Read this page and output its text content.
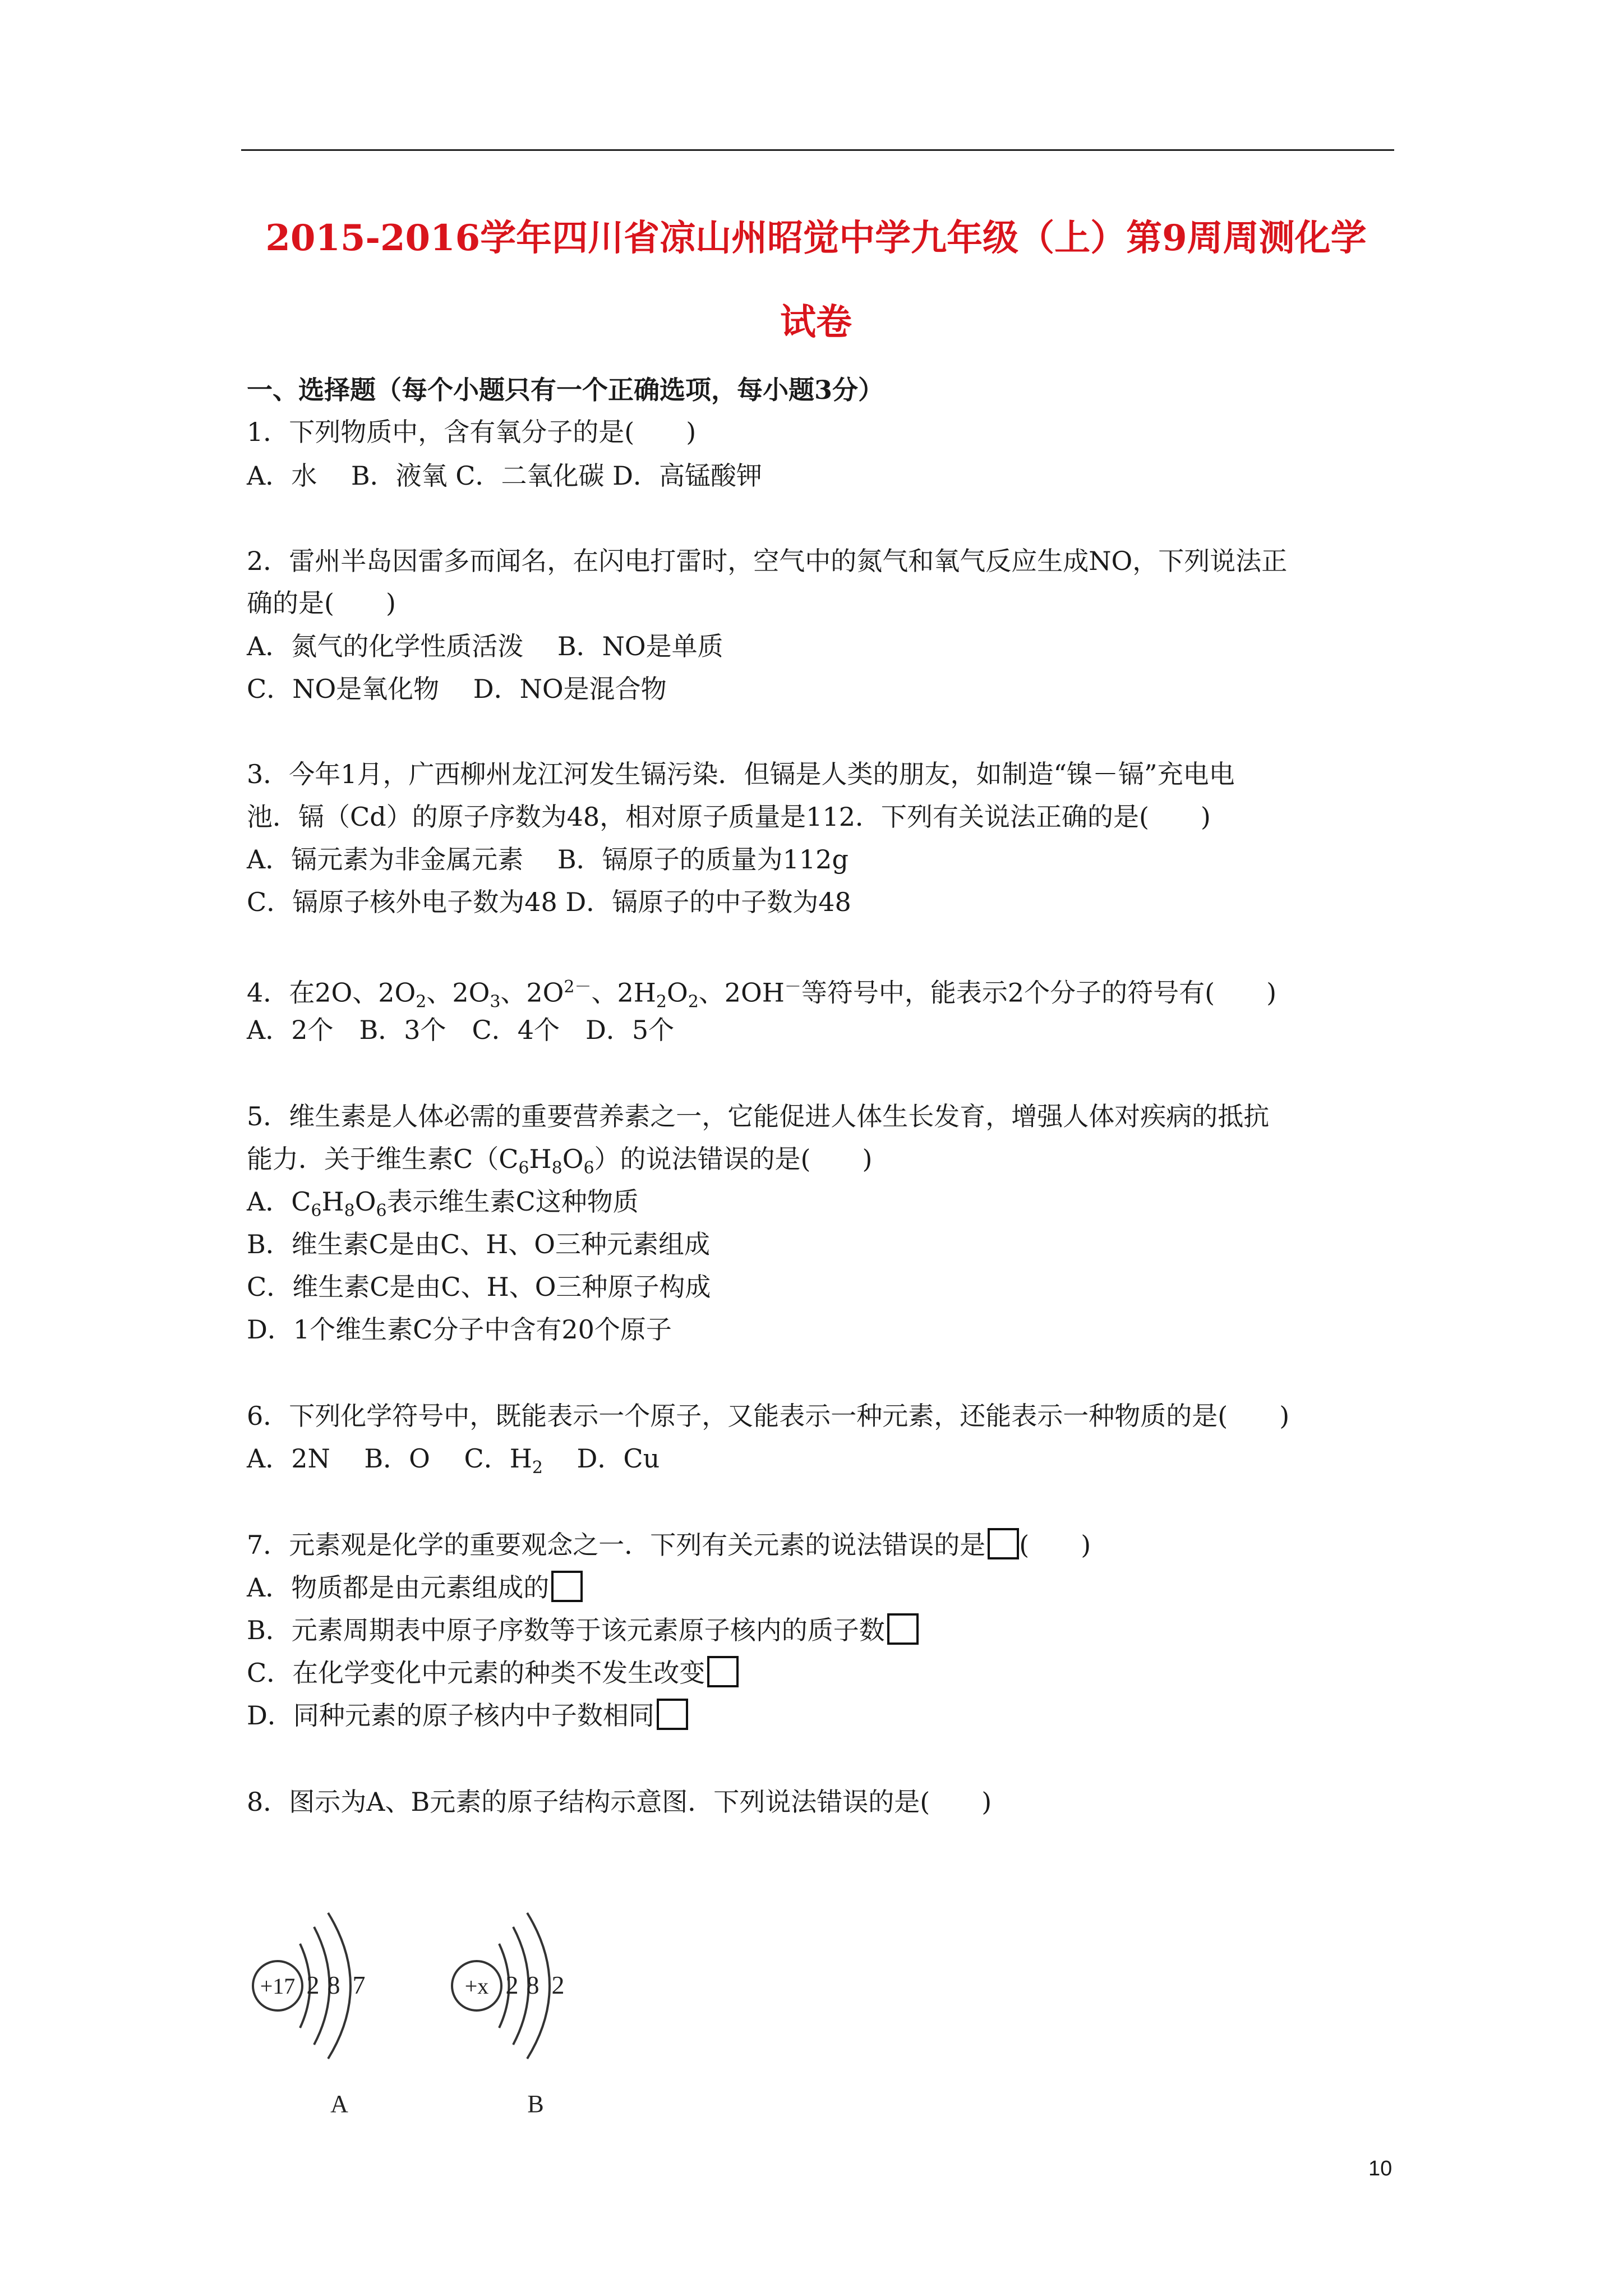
2015-2016学年四川省凉山州昭觉中学九年级（上）第9周周测化学
试卷
一、选择题（每个小题只有一个正确选项，每小题3分）
1．下列物质中，含有氧分子的是(　　)
A．水　 B．液氧 C．二氧化碳 D．高锰酸钾
2．雷州半岛因雷多而闻名，在闪电打雷时，空气中的氮气和氧气反应生成NO，下列说法正
确的是(　　)
A．氮气的化学性质活泼　 B．NO是单质
C．NO是氧化物　 D．NO是混合物
3．今年1月，广西柳州龙江河发生镉污染．但镉是人类的朋友，如制造“镍－镉”充电电
池．镉（Cd）的原子序数为48，相对原子质量是112．下列有关说法正确的是(　　)
A．镉元素为非金属元素　 B．镉原子的质量为112g
C．镉原子核外电子数为48 D．镉原子的中子数为48
4．在2O、$2O_2$、$2O_3$、$2O^{2-}$、$2H_2O_2$、2OH－等符号中，能表示2个分子的符号有(　　)
A．2个　B．3个　C．4个　D．5个
5．维生素是人体必需的重要营养素之一，它能促进人体生长发育，增强人体对疾病的抵抗
能力．关于维生素$C(C_6H_8O_6)$的说法错误的是(　　)
A．$C_6H_8O_6$表示维生素C这种物质
B．维生素C是由C、H、O三种元素组成
C．维生素C是由C、H、O三种原子构成
D．1个维生素C分子中含有20个原子
6．下列化学符号中，既能表示一个原子，又能表示一种元素，还能表示一种物质的是(　　)
A．2N　 B．O　 C．$H_2$　 D．Cu
7．元素观是化学的重要观念之一．下列有关元素的说法错误的是 (　　)
A．物质都是由元素组成的
B．元素周期表中原子序数等于该元素原子核内的质子数
C．在化学变化中元素的种类不发生改变
D．同种元素的原子核内中子数相同
8．图示为A、B元素的原子结构示意图．下列说法错误的是(　　)
+17 2 8 7
A
+x 2 8 2
B
10
